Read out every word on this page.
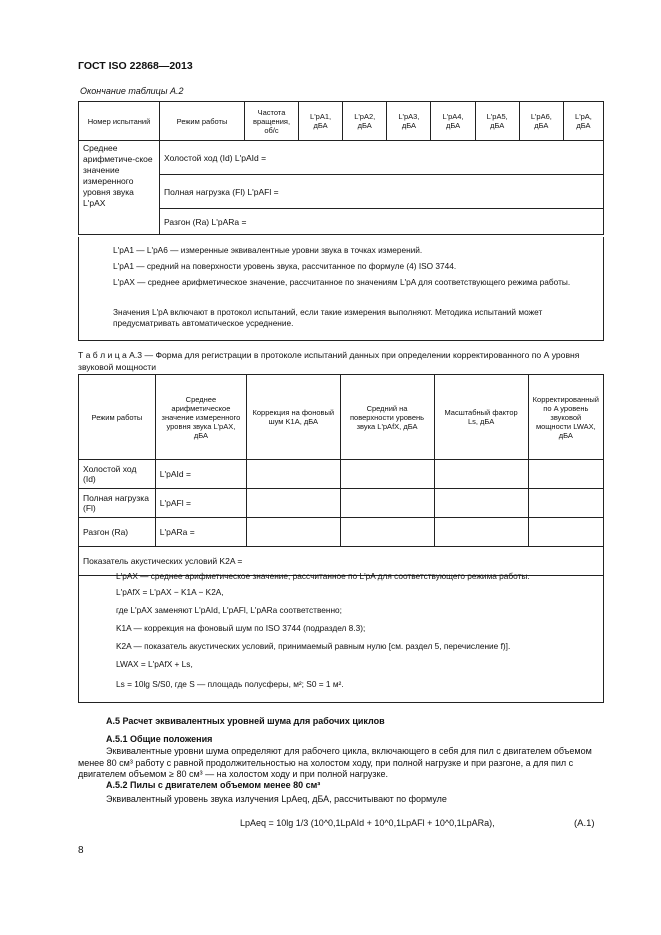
ГОСТ ISO 22868—2013
Окончание таблицы А.2
Номер испытаний	Режим работы	Частота вращения, об/с	L'pA1, дБА	L'pA2, дБА	L'pA3, дБА	L'pA4, дБА	L'pA5, дБА	L'pA6, дБА	L'pA, дБА
Среднее арифметиче-ское значение измеренного уровня звука L'pAX	Холостой ход (Id) L'pAId =								
	Полная нагрузка (Fl) L'pAFl =								
	Разгон (Ra) L'pARa =								

L'pA1 — L'pA6 — измеренные эквивалентные уровни звука в точках измерений.

L'pA1 — средний на поверхности уровень звука, рассчитанное по формуле (4) ISO 3744.

L'pAX — среднее арифметическое значение, рассчитанное по значениям L'pA для соответствующего режима работы.

Значения L'pA включают в протокол испытаний, если такие измерения выполняют. Методика испытаний может предусматривать автоматическое усреднение.

Т а б л и ц а А.3 — Форма для регистрации в протоколе испытаний данных при определении корректированного по А уровня звуковой мощности
Режим работы	Среднее арифметическое значение измеренного уровня звука L'pAX, дБА	Коррекция на фоновый шум K1A, дБА	Средний на поверхности уровень звука L'pAfX, дБА	Масштабный фактор Ls, дБА	Корректированный по A уровень звуковой мощности LWAX, дБА
Холостой ход (Id)	L'pAId =				
Полная нагрузка (Fl)	L'pAFl =				
Разгон (Ra)	L'pARa =				
Показатель акустических условий K2A =					

L'pAX — среднее арифметическое значение, рассчитанное по L'pA для соответствующего режима работы.

L'pAfX = L'pAX − K1A − K2A,

где L'pAX заменяют L'pAId, L'pAFl, L'pARa соответственно;

K1A — коррекция на фоновый шум по ISO 3744 (подраздел 8.3);

K2A — показатель акустических условий, принимаемый равным нулю [см. раздел 5, перечисление f)].

LWAX = L'pAfX + Ls,

Ls = 10lg S/S0, где S — площадь полусферы, м²; S0 = 1 м².

А.5 Расчет эквивалентных уровней шума для рабочих циклов
А.5.1 Общие положения
Эквивалентные уровни шума определяют для рабочего цикла, включающего в себя для пил с двигателем объемом менее 80 см³ работу с равной продолжительностью на холостом ходу, при полной нагрузке и при разгоне, а для пил с двигателем объемом ≥ 80 см³ — на холостом ходу и при полной нагрузке.
А.5.2 Пилы с двигателем объемом менее 80 см³
Эквивалентный уровень звука излучения LpAeq, дБА, рассчитывают по формуле
LpAeq = 10lg 1/3 (10^0,1LpAId + 10^0,1LpAFl + 10^0,1LpARa),	(А.1)
8
